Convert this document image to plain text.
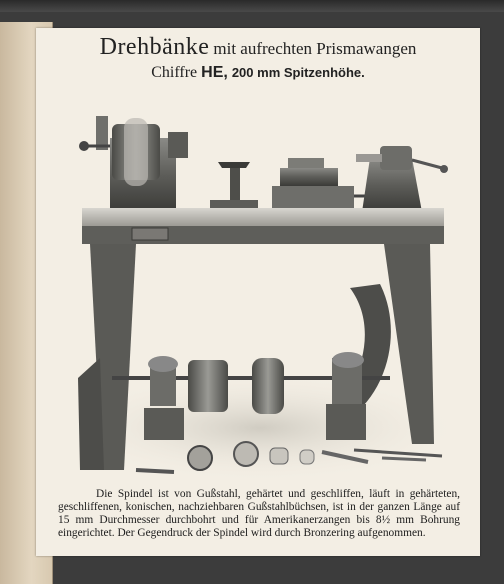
Drehbänke mit aufrechten Prismawangen
Chiffre HE, 200 mm Spitzenhöhe.

Die Spindel ist von Gußstahl, gehärtet und geschliffen, läuft in gehärteten, geschliffenen, konischen, nachziehbaren Gußstahlbüchsen, ist in der ganzen Länge auf 15 mm Durchmesser durchbohrt und für Amerikanerzangen bis 8½ mm Bohrung eingerichtet. Der Gegendruck der Spindel wird durch Bronzering aufgenommen.
